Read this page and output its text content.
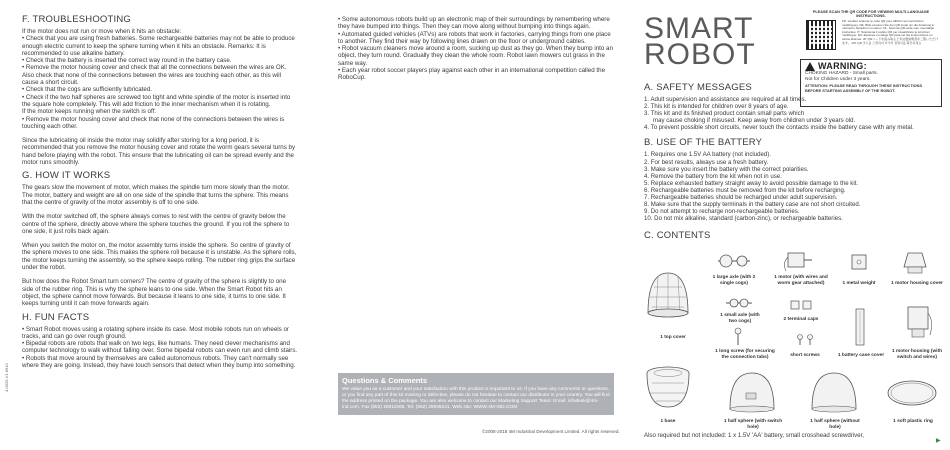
F. TROUBLESHOOTING

If the motor does not run or move when it hits an obstacle:

• Check that you are using fresh batteries. Some rechargeable batteries may not be able to produce enough electric current to keep the sphere turning when it hits an obstacle. Remarks: It is recommended to use alkaline battery.

• Check that the battery is inserted the correct way round in the battery case.

• Remove the motor housing cover and check that all the connections between the wires are OK. Also check that none of the connections between the wires are touching each other, as this will cause a short circuit.

• Check that the cogs are sufficiently lubricated.

• Check if the two half spheres are screwed too tight and white spindle of the motor is inserted into the square hole completely. This will add friction to the inner mechanism when it is rotating.

If the motor keeps running when the switch is off:

• Remove the motor housing cover and check that none of the connections between the wires is touching each other.

Since the lubricating oil inside the motor may solidify after storing for a long period, it is recommended that you remove the motor housing cover and rotate the worm gears several turns by hand before playing with the robot. This ensure that the lubricating oil can be spread evenly and the motor runs smoothly.

G. HOW IT WORKS

The gears slow the movement of motor, which makes the spindle turn more slowly than the motor. The motor, battery and weight are all on one side of the spindle that turns the sphere. This means that the centre of gravity of the motor assembly is off to one side.

With the motor switched off, the sphere always comes to rest with the centre of gravity below the centre of the sphere, directly above where the sphere touches the ground. If you roll the sphere to one side, it just rolls back again.

When you switch the motor on, the motor assembly turns inside the sphere. So centre of gravity of the sphere moves to one side. This makes the sphere roll because it is unstable. As the sphere rolls, the motor keeps turning the assembly, so the sphere keeps rolling. The rubber ring grips the surface under the robot.

But how does the Robot Smart turn corners? The centre of gravity of the sphere is slightly to one side of the rubber ring. This is why the sphere leans to one side. When the Smart Robot hits an object, the sphere cannot move forwards. But because it leans to one side, it turns to one side. It keeps turning until it can move forwards again.

H. FUN FACTS

• Smart Robot moves using a rotating sphere inside its case. Most mobile robots run on wheels or tracks, and can go over rough ground.

• Bipedal robots are robots that walk on two legs, like humans. They need clever mechanisms and computer technology to walk without falling over. Some bipedal robots can even run and climb stairs.

• Robots that move around by themselves are called autonomous robots. They can't normally see where they are going. Instead, they have touch sensors that detect when they bump into something.

4-0025-V1 8910

• Some autonomous robots build up an electronic map of their surroundings by remembering where they have bumped into things. Then they can move along without bumping into things again.

• Automated guided vehicles (ATVs) are robots that work in factories, carrying things from one place to another. They find their way by following lines drawn on the floor or underground cables.

• Robot vacuum cleaners move around a room, sucking up dust as they go. When they bump into an object, they turn round. Gradually they clean the whole room. Robot lawn mowers cut grass in the same way.

• Each year robot soccer players play against each other in an international competition called the RoboCup.

Questions & Comments
We value you as a customer and your satisfaction with this product is important to us. If you have any comments or questions, or you find any part of this kit missing or defective, please do not hesitate to contact our distributor in your country. You will find the address printed on the package. You are also welcome to contact our Marketing Support Team: Email: infodesk@4m-ind.com, Fax (852) 25911566, Tel: (852) 28936241, Web site: WWW.4M-IND.COM
©2008-2018 4M Industrial Development Limited. All rights reserved.
SMART
ROBOT
PLEASE SCAN THE QR CODE FOR VIEWING MULTI-LANGUAGE INSTRUCTIONS.
FR. Veuillez scanner le code QR pour afficher les instructions multilingues. DE. Bitte scannen Sie den QR-Code um die Anleitung in mehreren Sprachen zu sehen. NL. Scan de QR-code voor meertalige instructies. IT. Scansiona il codice QR per visualizzare le istruzioni multilingue. ES. Escanee el codigo QR para ver las instrucciones en varios idiomas. JP. QRコードを読み取ると多言語説明書をご覧いただけます。 KR. QR 코드를 스캔하여 다국어 설명서를 확인하세요.
WARNING:
CHOKING HAZARD - Small parts.
Not for Children under 3 years.
ATTENTION: PLEASE READ THROUGH THESE INSTRUCTIONS BEFORE STARTING ASSEMBLY OF THE ROBOT.
A. SAFETY MESSAGES

1. Adult supervision and assistance are required at all times.

2. This kit is intended for children over 8 years of age.

3. This kit and its finished product contain small parts which

may cause choking if misused. Keep away from children under 3 years old.

4. To prevent possible short circuits, never touch the contacts inside the battery case with any metal.

B. USE OF THE BATTERY

1. Requires one 1.5V AA battery (not included).

2. For best results, always use a fresh battery.

3. Make sure you insert the battery with the correct polarities.

4. Remove the battery from the kit when not in use.

5. Replace exhausted battery straight away to avoid possible damage to the kit.

6. Rechargeable batteries must be removed from the kit before recharging.

7. Rechargeable batteries should be recharged under adult supervision.

8. Make sure that the supply terminals in the battery case are not short circuited.

9. Do not attempt to recharge non-rechargeable batteries.

10. Do not mix alkaline, standard (carbon-zinc), or rechargeable batteries.

C. CONTENTS
1 top cover
1 large axle (with 2 single cogs)
1 motor (with wires and worm gear attached)	1 metal weight	1 motor housing cover
1 small axle (with two cogs)	2 terminal caps
1 long screw (for securing the connection tabs)	short screws	1 battery case cover
1 motor housing (with switch and wires)
1 base	1 half sphere (with switch hole)
1 half sphere (without hole)
1 soft plastic ring
Also required but not included: 1 x 1.5V 'AA' battery, small crosshead screwdriver,
▶
